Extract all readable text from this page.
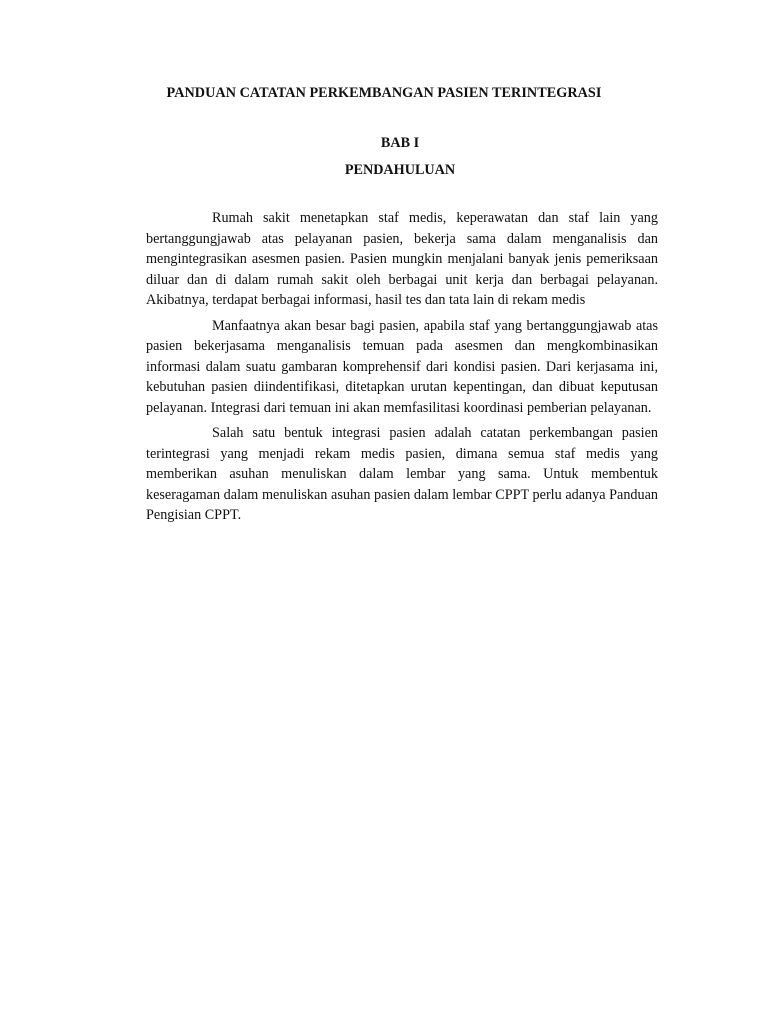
PANDUAN CATATAN PERKEMBANGAN PASIEN TERINTEGRASI
BAB I
PENDAHULUAN

Rumah sakit menetapkan staf medis, keperawatan dan staf lain yang bertanggungjawab atas pelayanan pasien, bekerja sama dalam menganalisis dan mengintegrasikan asesmen pasien. Pasien mungkin menjalani banyak jenis pemeriksaan diluar dan di dalam rumah sakit oleh berbagai unit kerja dan berbagai pelayanan. Akibatnya, terdapat berbagai informasi, hasil tes dan tata lain di rekam medis

Manfaatnya akan besar bagi pasien, apabila staf yang bertanggungjawab atas pasien bekerjasama menganalisis temuan pada asesmen dan mengkombinasikan informasi dalam suatu gambaran komprehensif dari kondisi pasien. Dari kerjasama ini, kebutuhan pasien diindentifikasi, ditetapkan urutan kepentingan, dan dibuat keputusan pelayanan. Integrasi dari temuan ini akan memfasilitasi koordinasi pemberian pelayanan.

Salah satu bentuk integrasi pasien adalah catatan perkembangan pasien terintegrasi yang menjadi rekam medis pasien, dimana semua staf medis yang memberikan asuhan menuliskan dalam lembar yang sama. Untuk membentuk keseragaman dalam menuliskan asuhan pasien dalam lembar CPPT perlu adanya Panduan Pengisian CPPT.
